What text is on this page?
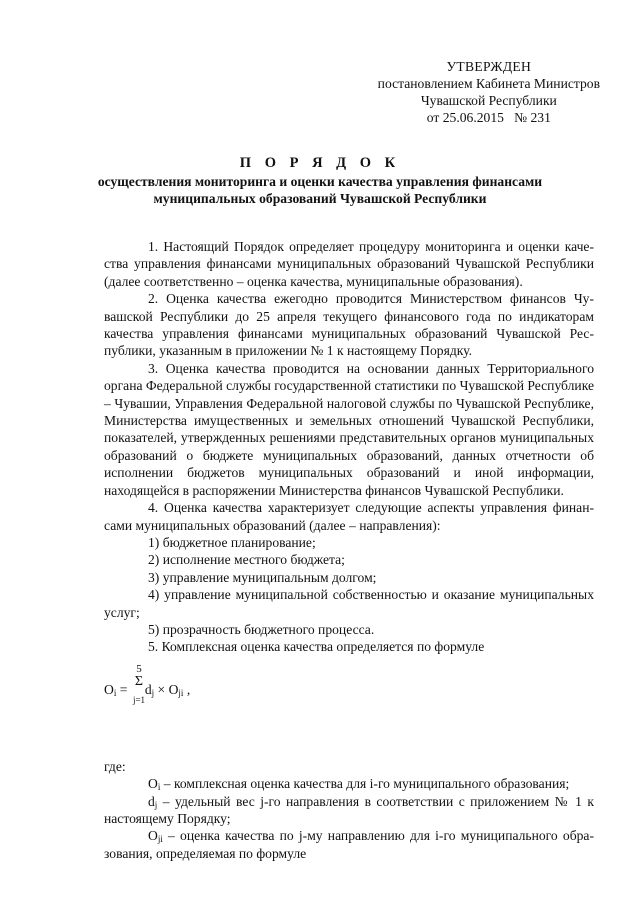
УТВЕРЖДЕН
постановлением Кабинета Министров
Чувашской Республики
от 25.06.2015   № 231
П О Р Я Д О К
осуществления мониторинга и оценки качества управления финансами
муниципальных образований Чувашской Республики

1. Настоящий Порядок определяет процедуру мониторинга и оценки качества управления финансами муниципальных образований Чувашской Республики (далее соответственно – оценка качества, муниципальные образования).

2. Оценка качества ежегодно проводится Министерством финансов Чувашской Республики до 25 апреля текущего финансового года по индикаторам качества управления финансами муниципальных образований Чувашской Республики, указанным в приложении № 1 к настоящему Порядку.

3. Оценка качества проводится на основании данных Территориального органа Федеральной службы государственной статистики по Чувашской Республике – Чувашии, Управления Федеральной налоговой службы по Чувашской Республике, Министерства имущественных и земельных отношений Чувашской Республики, показателей, утвержденных решениями представительных органов муниципальных образований о бюджете муниципальных образований, данных отчетности об исполнении бюджетов муниципальных образований и иной информации, находящейся в распоряжении Министерства финансов Чувашской Республики.

4. Оценка качества характеризует следующие аспекты управления финансами муниципальных образований (далее – направления):

1) бюджетное планирование;

2) исполнение местного бюджета;

3) управление муниципальным долгом;

4) управление муниципальной собственностью и оказание муниципальных услуг;

5) прозрачность бюджетного процесса.

5. Комплексная оценка качества определяется по формуле

5
Σ
j=1
$O_i = d_j \times O_{ji}$ ,

где:

$O_i$ – комплексная оценка качества для i-го муниципального образования;

$d_j$ – удельный вес j-го направления в соответствии с приложением № 1 к настоящему Порядку;

$O_{ji}$ – оценка качества по j-му направлению для i-го муниципального образования, определяемая по формуле
